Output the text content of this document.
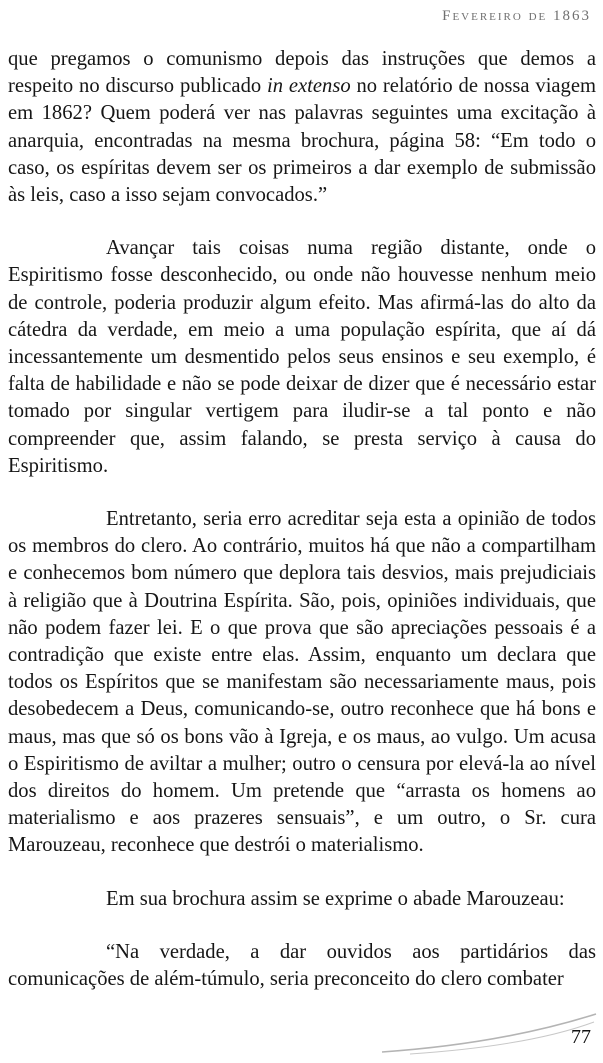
Fevereiro de 1863

que pregamos o comunismo depois das instruções que demos a respeito no discurso publicado in extenso no relatório de nossa viagem em 1862? Quem poderá ver nas palavras seguintes uma excitação à anarquia, encontradas na mesma brochura, página 58: “Em todo o caso, os espíritas devem ser os primeiros a dar exemplo de submissão às leis, caso a isso sejam convocados.”

Avançar tais coisas numa região distante, onde o Espiritismo fosse desconhecido, ou onde não houvesse nenhum meio de controle, poderia produzir algum efeito. Mas afirmá-las do alto da cátedra da verdade, em meio a uma população espírita, que aí dá incessantemente um desmentido pelos seus ensinos e seu exemplo, é falta de habilidade e não se pode deixar de dizer que é necessário estar tomado por singular vertigem para iludir-se a tal ponto e não compreender que, assim falando, se presta serviço à causa do Espiritismo.

Entretanto, seria erro acreditar seja esta a opinião de todos os membros do clero. Ao contrário, muitos há que não a compartilham e conhecemos bom número que deplora tais desvios, mais prejudiciais à religião que à Doutrina Espírita. São, pois, opiniões individuais, que não podem fazer lei. E o que prova que são apreciações pessoais é a contradição que existe entre elas. Assim, enquanto um declara que todos os Espíritos que se manifestam são necessariamente maus, pois desobedecem a Deus, comunicando-se, outro reconhece que há bons e maus, mas que só os bons vão à Igreja, e os maus, ao vulgo. Um acusa o Espiritismo de aviltar a mulher; outro o censura por elevá-la ao nível dos direitos do homem. Um pretende que “arrasta os homens ao materialismo e aos prazeres sensuais”, e um outro, o Sr. cura Marouzeau, reconhece que destrói o materialismo.

Em sua brochura assim se exprime o abade Marouzeau:

“Na verdade, a dar ouvidos aos partidários das comunicações de além-túmulo, seria preconceito do clero combater

77
